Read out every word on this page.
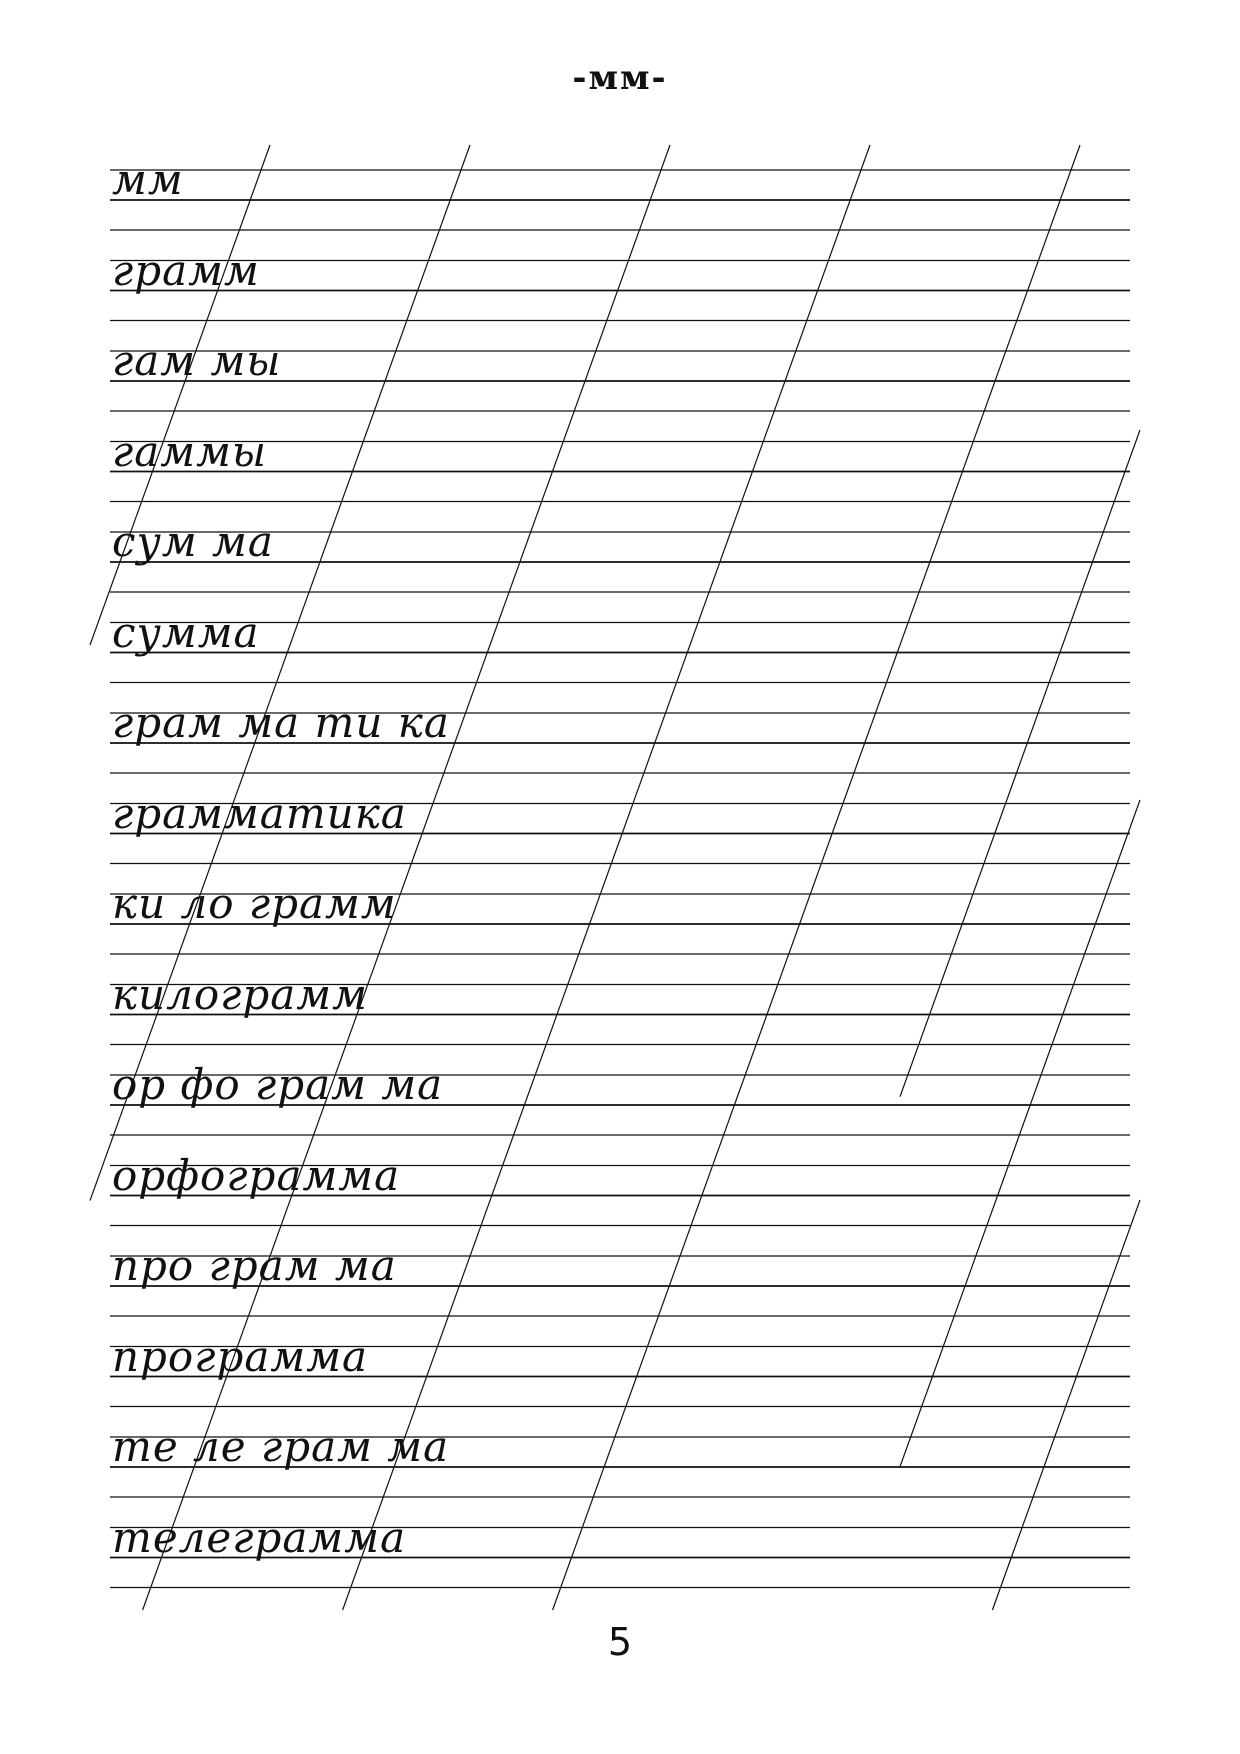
-мм-
мм
грамм
гам мы
гаммы
сум ма
сумма
грам ма ти ка
грамматика
ки ло грамм
килограмм
ор фо грам ма
орфограмма
про грам ма
программа
те ле грам ма
телеграмма
5
